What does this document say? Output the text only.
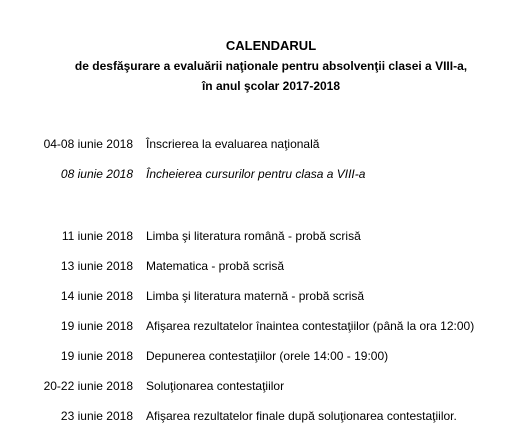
CALENDARUL
de desfăşurare a evaluării naţionale pentru absolvenţii clasei a VIII-a,
în anul şcolar 2017-2018
04-08 iunie 2018 Înscrierea la evaluarea naţională
08 iunie 2018 Încheierea cursurilor pentru clasa a VIII-a
11 iunie 2018 Limba şi literatura română - probă scrisă
13 iunie 2018 Matematica - probă scrisă
14 iunie 2018 Limba şi literatura maternă - probă scrisă
19 iunie 2018 Afişarea rezultatelor înaintea contestaţiilor (până la ora 12:00)
19 iunie 2018 Depunerea contestaţiilor (orele 14:00 - 19:00)
20-22 iunie 2018 Soluţionarea contestaţiilor
23 iunie 2018 Afişarea rezultatelor finale după soluţionarea contestaţiilor.
